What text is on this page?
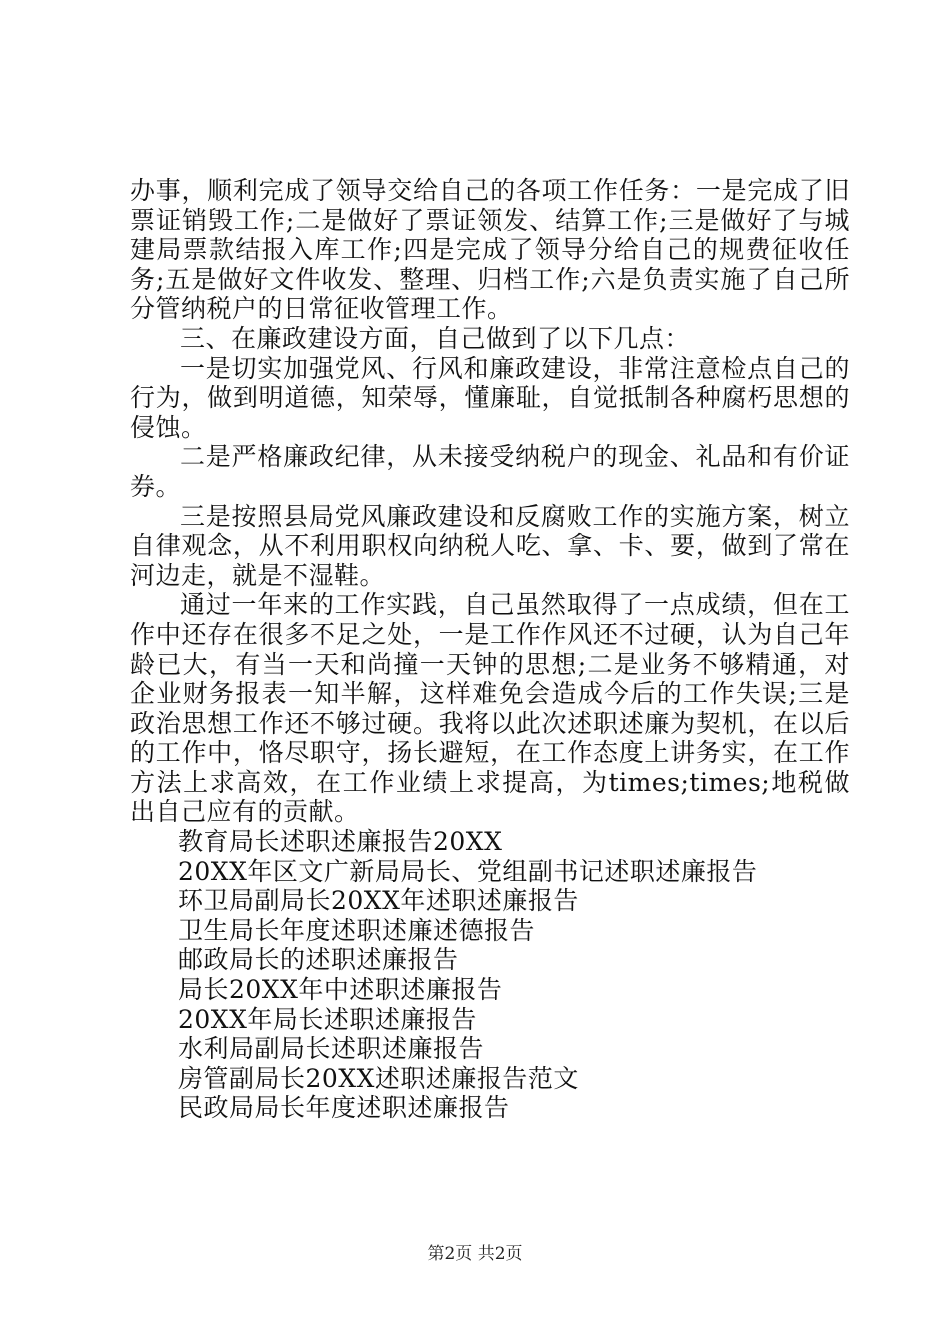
办事，顺利完成了领导交给自己的各项工作任务：一是完成了旧票证销毁工作;二是做好了票证领发、结算工作;三是做好了与城建局票款结报入库工作;四是完成了领导分给自己的规费征收任务;五是做好文件收发、整理、归档工作;六是负责实施了自己所分管纳税户的日常征收管理工作。

三、在廉政建设方面，自己做到了以下几点：

一是切实加强党风、行风和廉政建设，非常注意检点自己的行为，做到明道德，知荣辱，懂廉耻，自觉抵制各种腐朽思想的侵蚀。

二是严格廉政纪律，从未接受纳税户的现金、礼品和有价证券。

三是按照县局党风廉政建设和反腐败工作的实施方案，树立自律观念，从不利用职权向纳税人吃、拿、卡、要，做到了常在河边走，就是不湿鞋。

通过一年来的工作实践，自己虽然取得了一点成绩，但在工作中还存在很多不足之处，一是工作作风还不过硬，认为自己年龄已大，有当一天和尚撞一天钟的思想;二是业务不够精通，对企业财务报表一知半解，这样难免会造成今后的工作失误;三是政治思想工作还不够过硬。我将以此次述职述廉为契机，在以后的工作中，恪尽职守，扬长避短，在工作态度上讲务实，在工作方法上求高效，在工作业绩上求提高，为times;times;地税做出自己应有的贡献。

教育局长述职述廉报告20XX
20XX年区文广新局局长、党组副书记述职述廉报告
环卫局副局长20XX年述职述廉报告
卫生局长年度述职述廉述德报告
邮政局长的述职述廉报告
局长20XX年中述职述廉报告
20XX年局长述职述廉报告
水利局副局长述职述廉报告
房管副局长20XX述职述廉报告范文
民政局局长年度述职述廉报告
第2页 共2页
